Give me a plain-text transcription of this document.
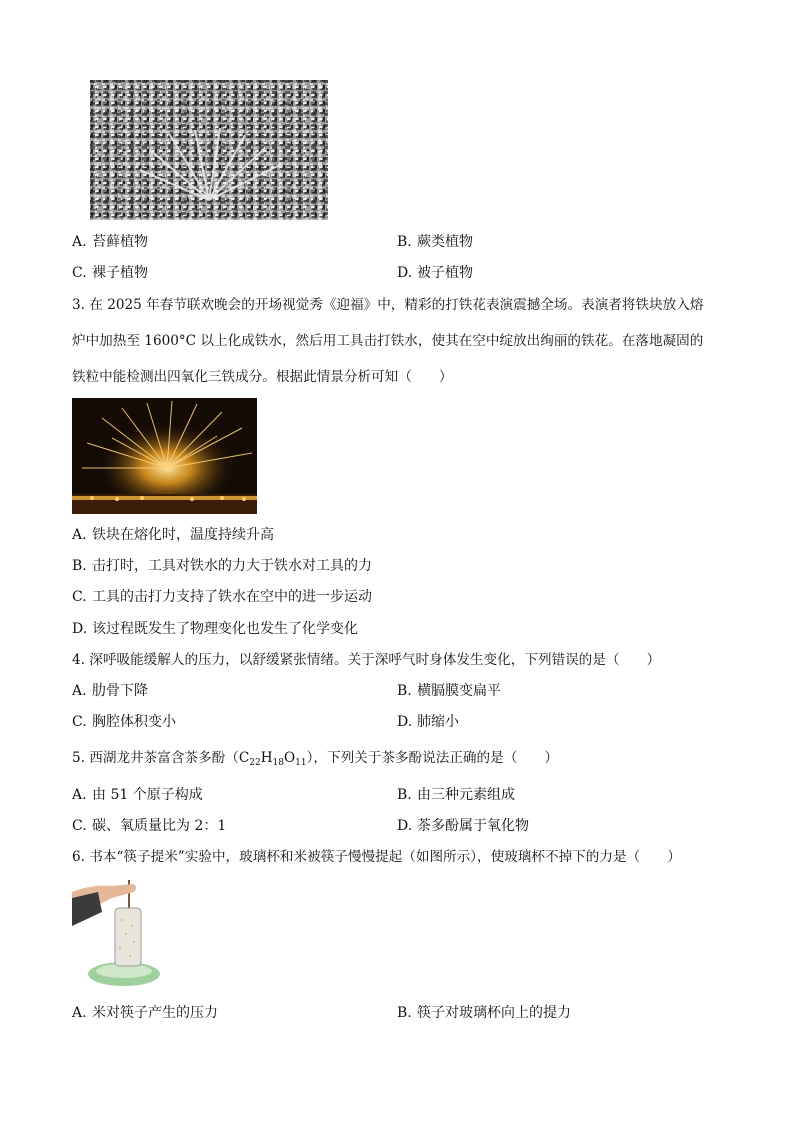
A. 苔藓植物	B. 蕨类植物
C. 裸子植物	D. 被子植物
3. 在 2025 年春节联欢晚会的开场视觉秀《迎福》中，精彩的打铁花表演震撼全场。表演者将铁块放入熔
炉中加热至 1600°C 以上化成铁水，然后用工具击打铁水，使其在空中绽放出绚丽的铁花。在落地凝固的
铁粒中能检测出四氧化三铁成分。根据此情景分析可知（　　）
A. 铁块在熔化时，温度持续升高
B. 击打时，工具对铁水的力大于铁水对工具的力
C. 工具的击打力支持了铁水在空中的进一步运动
D. 该过程既发生了物理变化也发生了化学变化
4. 深呼吸能缓解人的压力，以舒缓紧张情绪。关于深呼气时身体发生变化，下列错误的是（　　）
A. 肋骨下降	B. 横膈膜变扁平
C. 胸腔体积变小	D. 肺缩小
5. 西湖龙井茶富含茶多酚$(C_{22}H_{18}O_{11})$，下列关于茶多酚说法正确的是（　　）
A. 由 51 个原子构成	B. 由三种元素组成
C. 碳、氧质量比为 2：1	D. 茶多酚属于氧化物
6. 书本“筷子提米”实验中，玻璃杯和米被筷子慢慢提起（如图所示），使玻璃杯不掉下的力是（　　）
A. 米对筷子产生的压力	B. 筷子对玻璃杯向上的提力
